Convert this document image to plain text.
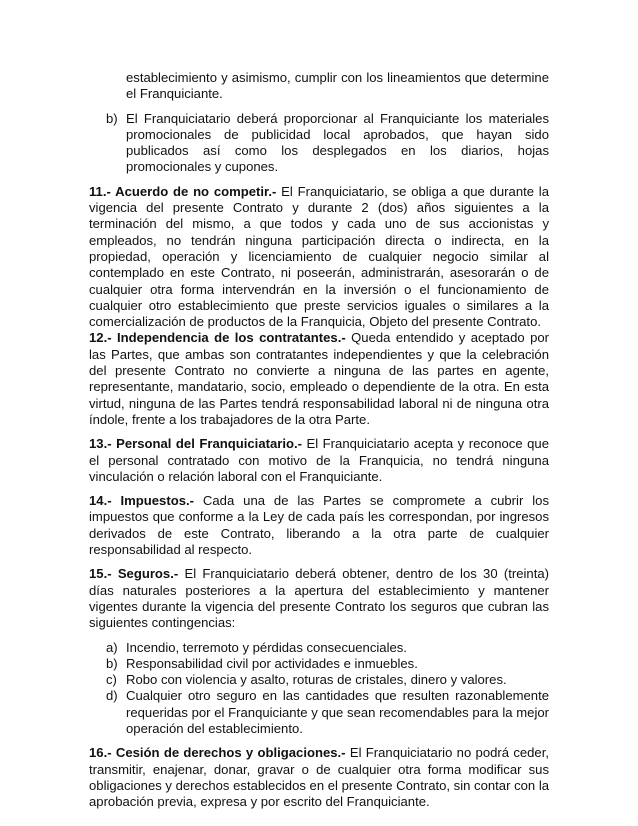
establecimiento y asimismo, cumplir con los lineamientos que determine el Franquiciante.

b) El Franquiciatario deberá proporcionar al Franquiciante los materiales promocionales de publicidad local aprobados, que hayan sido publicados así como los desplegados en los diarios, hojas promocionales y cupones.

11.- Acuerdo de no competir.- El Franquiciatario, se obliga a que durante la vigencia del presente Contrato y durante 2 (dos) años siguientes a la terminación del mismo, a que todos y cada uno de sus accionistas y empleados, no tendrán ninguna participación directa o indirecta, en la propiedad, operación y licenciamiento de cualquier negocio similar al contemplado en este Contrato, ni poseerán, administrarán, asesorarán o de cualquier otra forma intervendrán en la inversión o el funcionamiento de cualquier otro establecimiento que preste servicios iguales o similares a la comercialización de productos de la Franquicia, Objeto del presente Contrato.

12.- Independencia de los contratantes.- Queda entendido y aceptado por las Partes, que ambas son contratantes independientes y que la celebración del presente Contrato no convierte a ninguna de las partes en agente, representante, mandatario, socio, empleado o dependiente de la otra. En esta virtud, ninguna de las Partes tendrá responsabilidad laboral ni de ninguna otra índole, frente a los trabajadores de la otra Parte.

13.- Personal del Franquiciatario.- El Franquiciatario acepta y reconoce que el personal contratado con motivo de la Franquicia, no tendrá ninguna vinculación o relación laboral con el Franquiciante.

14.- Impuestos.- Cada una de las Partes se compromete a cubrir los impuestos que conforme a la Ley de cada país les correspondan, por ingresos derivados de este Contrato, liberando a la otra parte de cualquier responsabilidad al respecto.

15.- Seguros.- El Franquiciatario deberá obtener, dentro de los 30 (treinta) días naturales posteriores a la apertura del establecimiento y mantener vigentes durante la vigencia del presente Contrato los seguros que cubran las siguientes contingencias:

a) Incendio, terremoto y pérdidas consecuenciales.
b) Responsabilidad civil por actividades e inmuebles.
c) Robo con violencia y asalto, roturas de cristales, dinero y valores.
d) Cualquier otro seguro en las cantidades que resulten razonablemente requeridas por el Franquiciante y que sean recomendables para la mejor operación del establecimiento.

16.- Cesión de derechos y obligaciones.- El Franquiciatario no podrá ceder, transmitir, enajenar, donar, gravar o de cualquier otra forma modificar sus obligaciones y derechos establecidos en el presente Contrato, sin contar con la aprobación previa, expresa y por escrito del Franquiciante.
